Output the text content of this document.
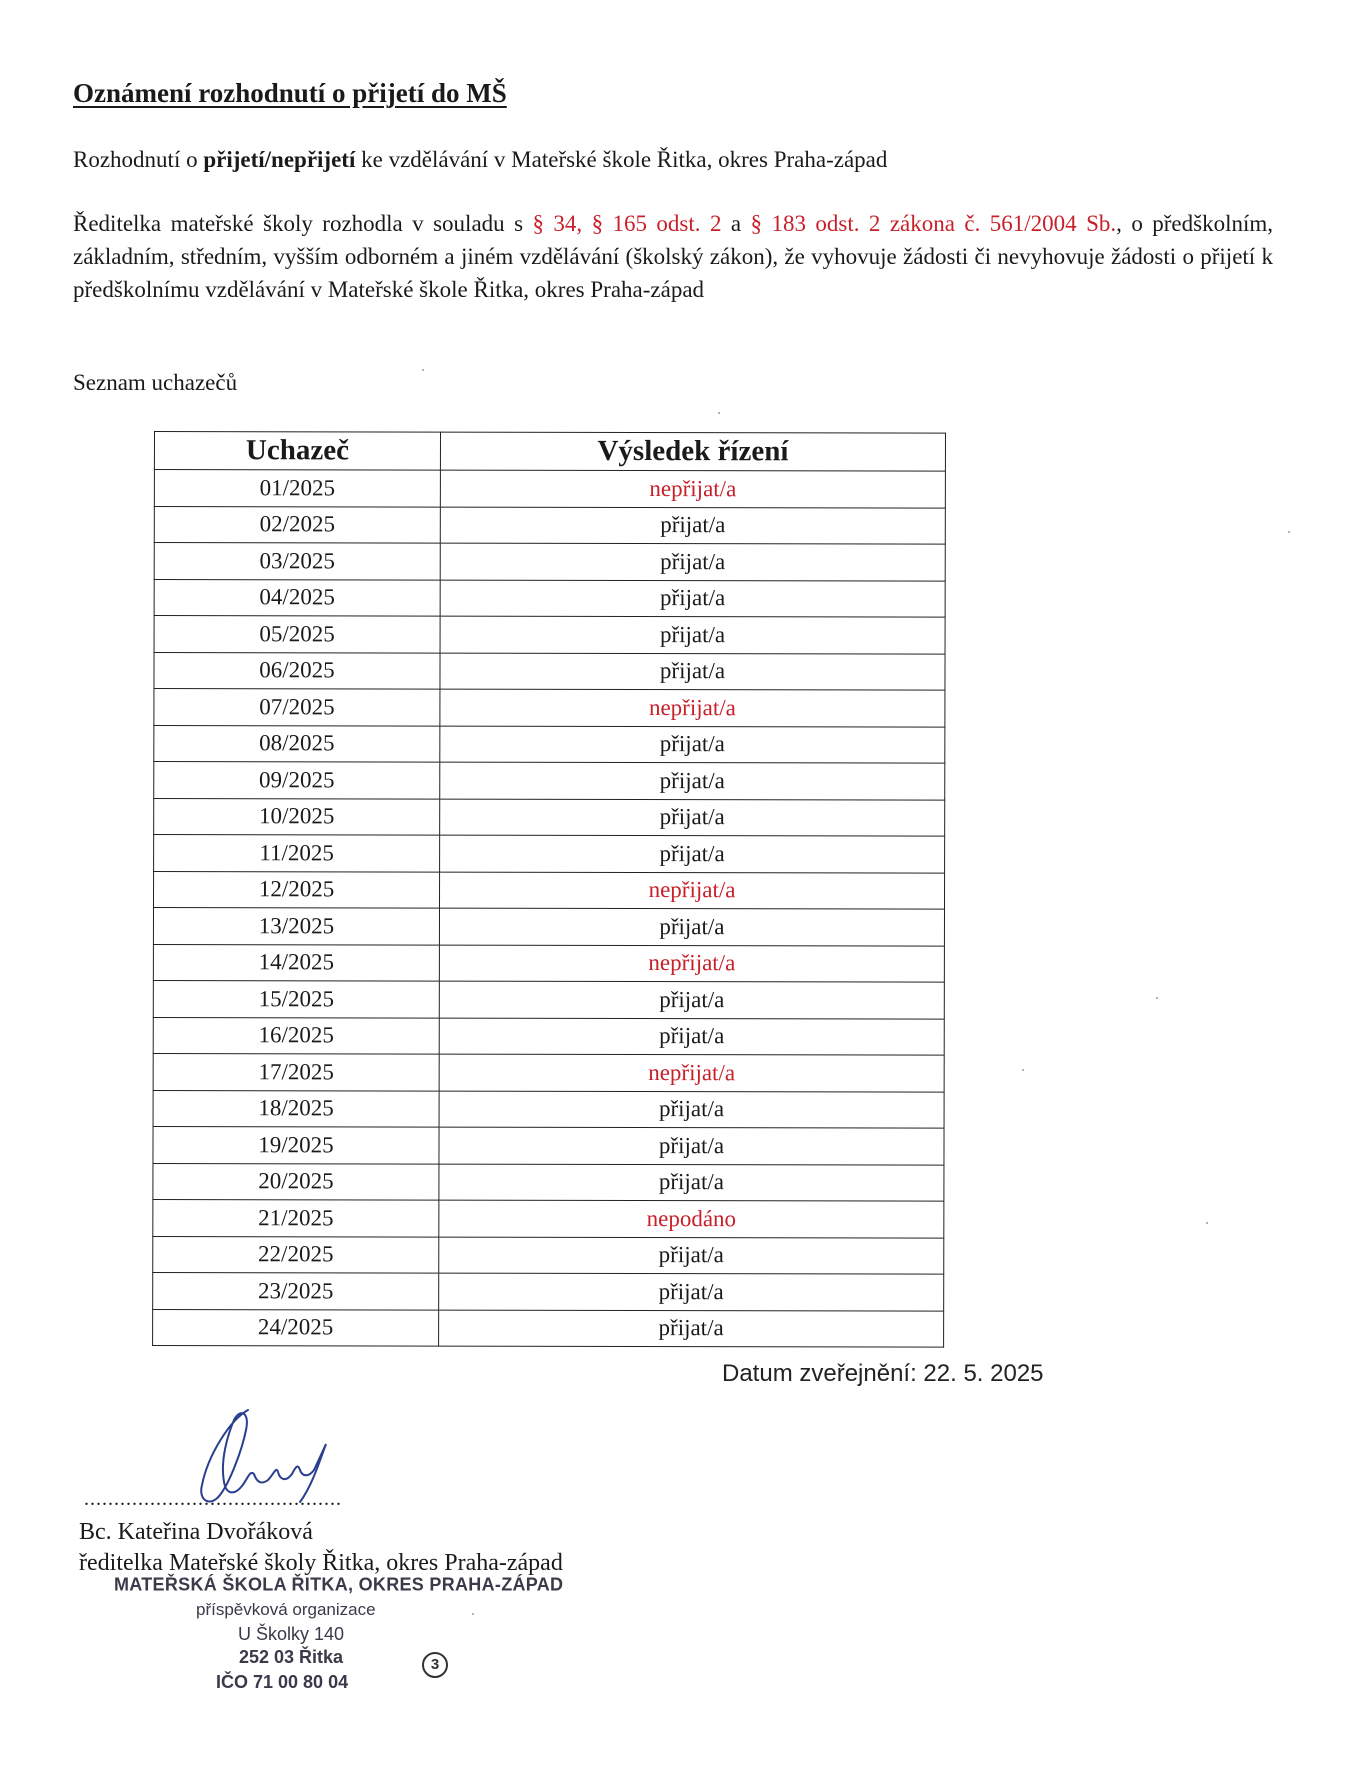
Oznámení rozhodnutí o přijetí do MŠ
Rozhodnutí o přijetí/nepřijetí ke vzdělávání v Mateřské škole Řitka, okres Praha-západ
Ředitelka mateřské školy rozhodla v souladu s § 34, § 165 odst. 2 a § 183 odst. 2 zákona č. 561/2004 Sb., o předškolním, základním, středním, vyšším odborném a jiném vzdělávání (školský zákon), že vyhovuje žádosti či nevyhovuje žádosti o přijetí k předškolnímu vzdělávání v Mateřské škole Řitka, okres Praha-západ
Seznam uchazečů
Uchazeč	Výsledek řízení
01/2025	nepřijat/a
02/2025	přijat/a
03/2025	přijat/a
04/2025	přijat/a
05/2025	přijat/a
06/2025	přijat/a
07/2025	nepřijat/a
08/2025	přijat/a
09/2025	přijat/a
10/2025	přijat/a
11/2025	přijat/a
12/2025	nepřijat/a
13/2025	přijat/a
14/2025	nepřijat/a
15/2025	přijat/a
16/2025	přijat/a
17/2025	nepřijat/a
18/2025	přijat/a
19/2025	přijat/a
20/2025	přijat/a
21/2025	nepodáno
22/2025	přijat/a
23/2025	přijat/a
24/2025	přijat/a
Datum zveřejnění: 22. 5. 2025
...........................................
Bc. Kateřina Dvořáková
ředitelka Mateřské školy Řitka, okres Praha-západ
MATEŘSKÁ ŠKOLA ŘITKA, OKRES PRAHA-ZÁPAD
příspěvková organizace
U Školky 140
252 03 Řitka
IČO 71 00 80 04
3
